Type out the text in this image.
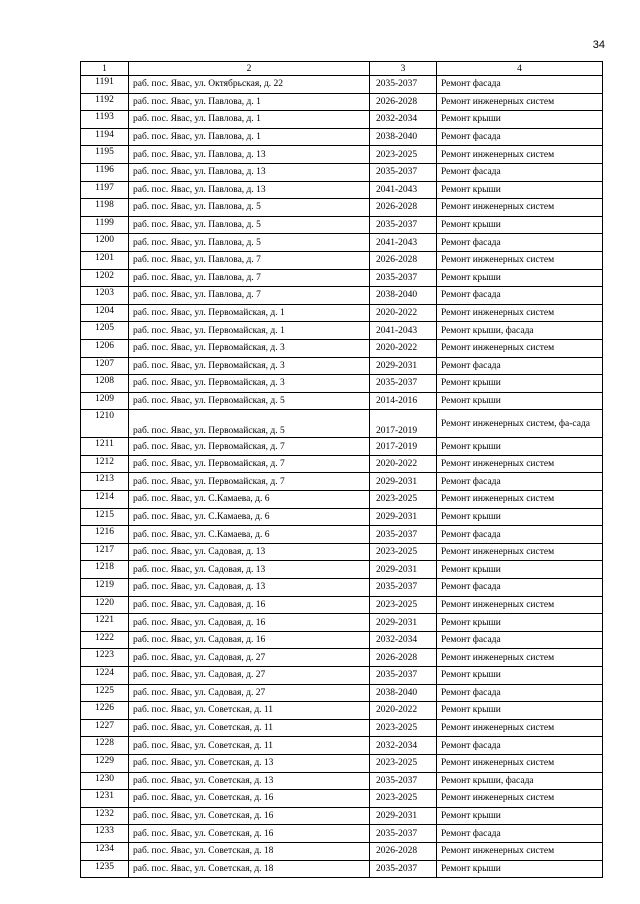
34
1	2	3	4
1191	раб. пос. Явас, ул. Октябрьская, д. 22	2035-2037	Ремонт фасада
1192	раб. пос. Явас, ул. Павлова, д. 1	2026-2028	Ремонт инженерных систем
1193	раб. пос. Явас, ул. Павлова, д. 1	2032-2034	Ремонт крыши
1194	раб. пос. Явас, ул. Павлова, д. 1	2038-2040	Ремонт фасада
1195	раб. пос. Явас, ул. Павлова, д. 13	2023-2025	Ремонт инженерных систем
1196	раб. пос. Явас, ул. Павлова, д. 13	2035-2037	Ремонт фасада
1197	раб. пос. Явас, ул. Павлова, д. 13	2041-2043	Ремонт крыши
1198	раб. пос. Явас, ул. Павлова, д. 5	2026-2028	Ремонт инженерных систем
1199	раб. пос. Явас, ул. Павлова, д. 5	2035-2037	Ремонт крыши
1200	раб. пос. Явас, ул. Павлова, д. 5	2041-2043	Ремонт фасада
1201	раб. пос. Явас, ул. Павлова, д. 7	2026-2028	Ремонт инженерных систем
1202	раб. пос. Явас, ул. Павлова, д. 7	2035-2037	Ремонт крыши
1203	раб. пос. Явас, ул. Павлова, д. 7	2038-2040	Ремонт фасада
1204	раб. пос. Явас, ул. Первомайская, д. 1	2020-2022	Ремонт инженерных систем
1205	раб. пос. Явас, ул. Первомайская, д. 1	2041-2043	Ремонт крыши, фасада
1206	раб. пос. Явас, ул. Первомайская, д. 3	2020-2022	Ремонт инженерных систем
1207	раб. пос. Явас, ул. Первомайская, д. 3	2029-2031	Ремонт фасада
1208	раб. пос. Явас, ул. Первомайская, д. 3	2035-2037	Ремонт крыши
1209	раб. пос. Явас, ул. Первомайская, д. 5	2014-2016	Ремонт крыши
1210	раб. пос. Явас, ул. Первомайская, д. 5	2017-2019	Ремонт инженерных систем, фа-сада
1211	раб. пос. Явас, ул. Первомайская, д. 7	2017-2019	Ремонт крыши
1212	раб. пос. Явас, ул. Первомайская, д. 7	2020-2022	Ремонт инженерных систем
1213	раб. пос. Явас, ул. Первомайская, д. 7	2029-2031	Ремонт фасада
1214	раб. пос. Явас, ул. С.Камаева, д. 6	2023-2025	Ремонт инженерных систем
1215	раб. пос. Явас, ул. С.Камаева, д. 6	2029-2031	Ремонт крыши
1216	раб. пос. Явас, ул. С.Камаева, д. 6	2035-2037	Ремонт фасада
1217	раб. пос. Явас, ул. Садовая, д. 13	2023-2025	Ремонт инженерных систем
1218	раб. пос. Явас, ул. Садовая, д. 13	2029-2031	Ремонт крыши
1219	раб. пос. Явас, ул. Садовая, д. 13	2035-2037	Ремонт фасада
1220	раб. пос. Явас, ул. Садовая, д. 16	2023-2025	Ремонт инженерных систем
1221	раб. пос. Явас, ул. Садовая, д. 16	2029-2031	Ремонт крыши
1222	раб. пос. Явас, ул. Садовая, д. 16	2032-2034	Ремонт фасада
1223	раб. пос. Явас, ул. Садовая, д. 27	2026-2028	Ремонт инженерных систем
1224	раб. пос. Явас, ул. Садовая, д. 27	2035-2037	Ремонт крыши
1225	раб. пос. Явас, ул. Садовая, д. 27	2038-2040	Ремонт фасада
1226	раб. пос. Явас, ул. Советская, д. 11	2020-2022	Ремонт крыши
1227	раб. пос. Явас, ул. Советская, д. 11	2023-2025	Ремонт инженерных систем
1228	раб. пос. Явас, ул. Советская, д. 11	2032-2034	Ремонт фасада
1229	раб. пос. Явас, ул. Советская, д. 13	2023-2025	Ремонт инженерных систем
1230	раб. пос. Явас, ул. Советская, д. 13	2035-2037	Ремонт крыши, фасада
1231	раб. пос. Явас, ул. Советская, д. 16	2023-2025	Ремонт инженерных систем
1232	раб. пос. Явас, ул. Советская, д. 16	2029-2031	Ремонт крыши
1233	раб. пос. Явас, ул. Советская, д. 16	2035-2037	Ремонт фасада
1234	раб. пос. Явас, ул. Советская, д. 18	2026-2028	Ремонт инженерных систем
1235	раб. пос. Явас, ул. Советская, д. 18	2035-2037	Ремонт крыши
